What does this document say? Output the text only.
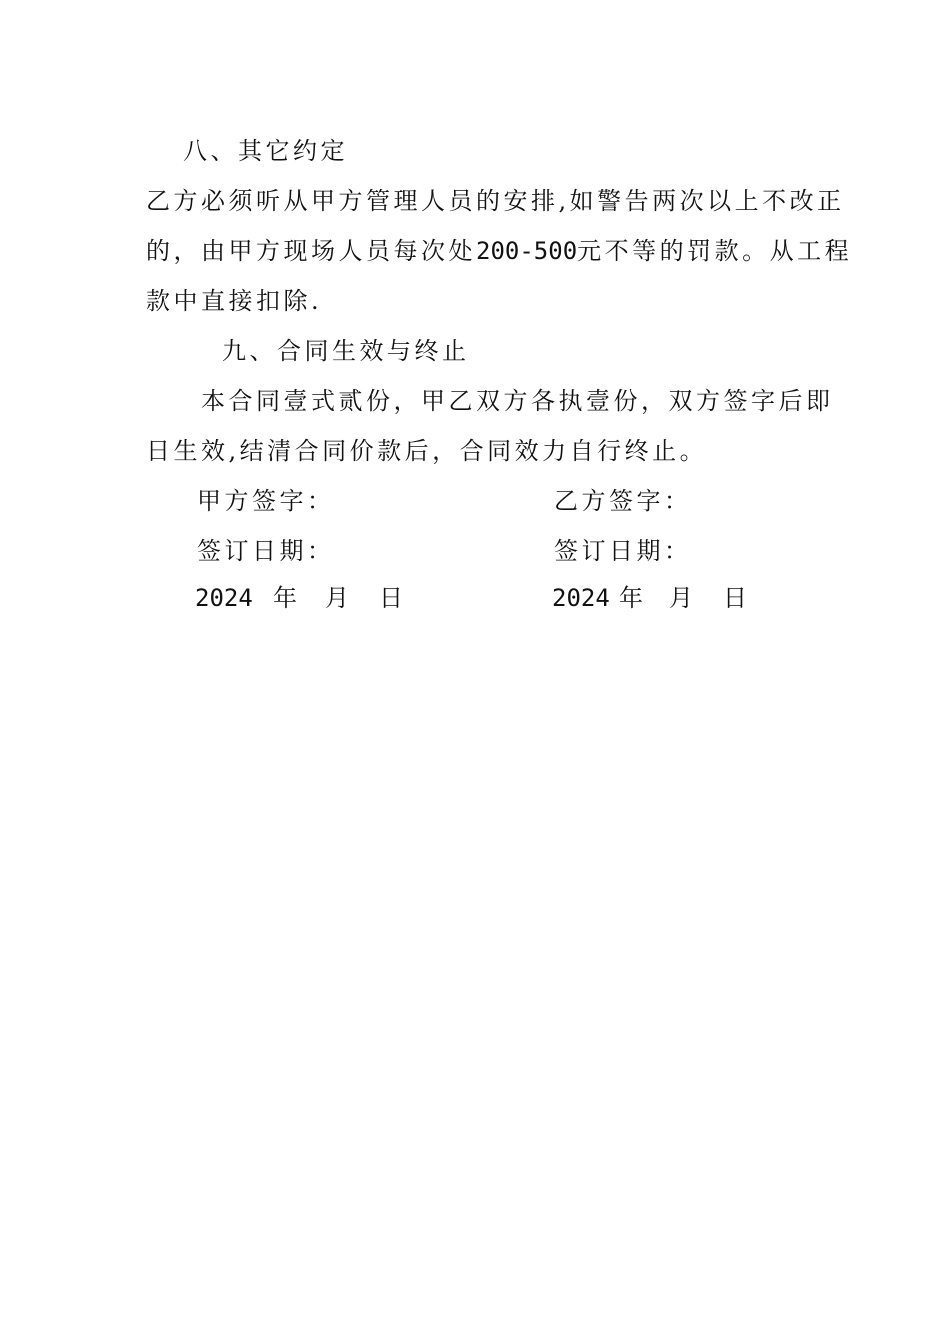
八、其它约定
乙方必须听从甲方管理人员的安排,如警告两次以上不改正
的，由甲方现场人员每次处200-500元不等的罚款。从工程
款中直接扣除.
九、合同生效与终止
本合同壹式贰份，甲乙双方各执壹份，双方签字后即
日生效,结清合同价款后，合同效力自行终止。
甲方签字：	乙方签字：
签订日期：	签订日期：
2024 年 月 日	2024 年 月 日
